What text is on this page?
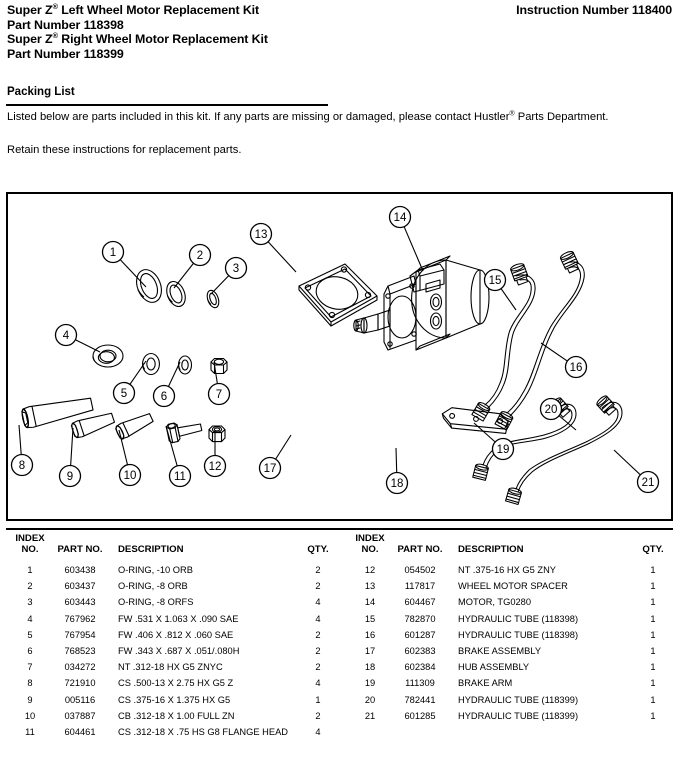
Super Z® Left Wheel Motor Replacement Kit
Part Number 118398
Super Z® Right Wheel Motor Replacement Kit
Part Number 118399
Instruction Number 118400
Packing List
Listed below are parts included in this kit. If any parts are missing or damaged, please contact Hustler® Parts Department.
Retain these instructions for replacement parts.
1	2
3
4
5	6	7
8
9	10	11
12
13
14
15
16
17
18
19
20
21
INDEX
NO.	PART NO.	DESCRIPTION	QTY.
1	603438	O-RING, -10 ORB	2
2	603437	O-RING, -8 ORB	2
3	603443	O-RING, -8 ORFS	4
4	767962	FW .531 X 1.063 X .090 SAE	4
5	767954	FW .406 X .812 X .060 SAE	2
6	768523	FW .343 X .687 X .051/.080H	2
7	034272	NT .312-18 HX G5 ZNYC	2
8	721910	CS .500-13 X 2.75 HX G5 Z	4
9	005116	CS .375-16 X 1.375 HX G5	1
10	037887	CB .312-18 X 1.00 FULL ZN	2
11	604461	CS .312-18 X .75 HS G8 FLANGE HEAD	4
INDEX
NO.	PART NO.	DESCRIPTION	QTY.
12	054502	NT .375-16 HX G5 ZNY	1
13	117817	WHEEL MOTOR SPACER	1
14	604467	MOTOR, TG0280	1
15	782870	HYDRAULIC TUBE (118398)	1
16	601287	HYDRAULIC TUBE (118398)	1
17	602383	BRAKE ASSEMBLY	1
18	602384	HUB ASSEMBLY	1
19	111309	BRAKE ARM	1
20	782441	HYDRAULIC TUBE (118399)	1
21	601285	HYDRAULIC TUBE (118399)	1
